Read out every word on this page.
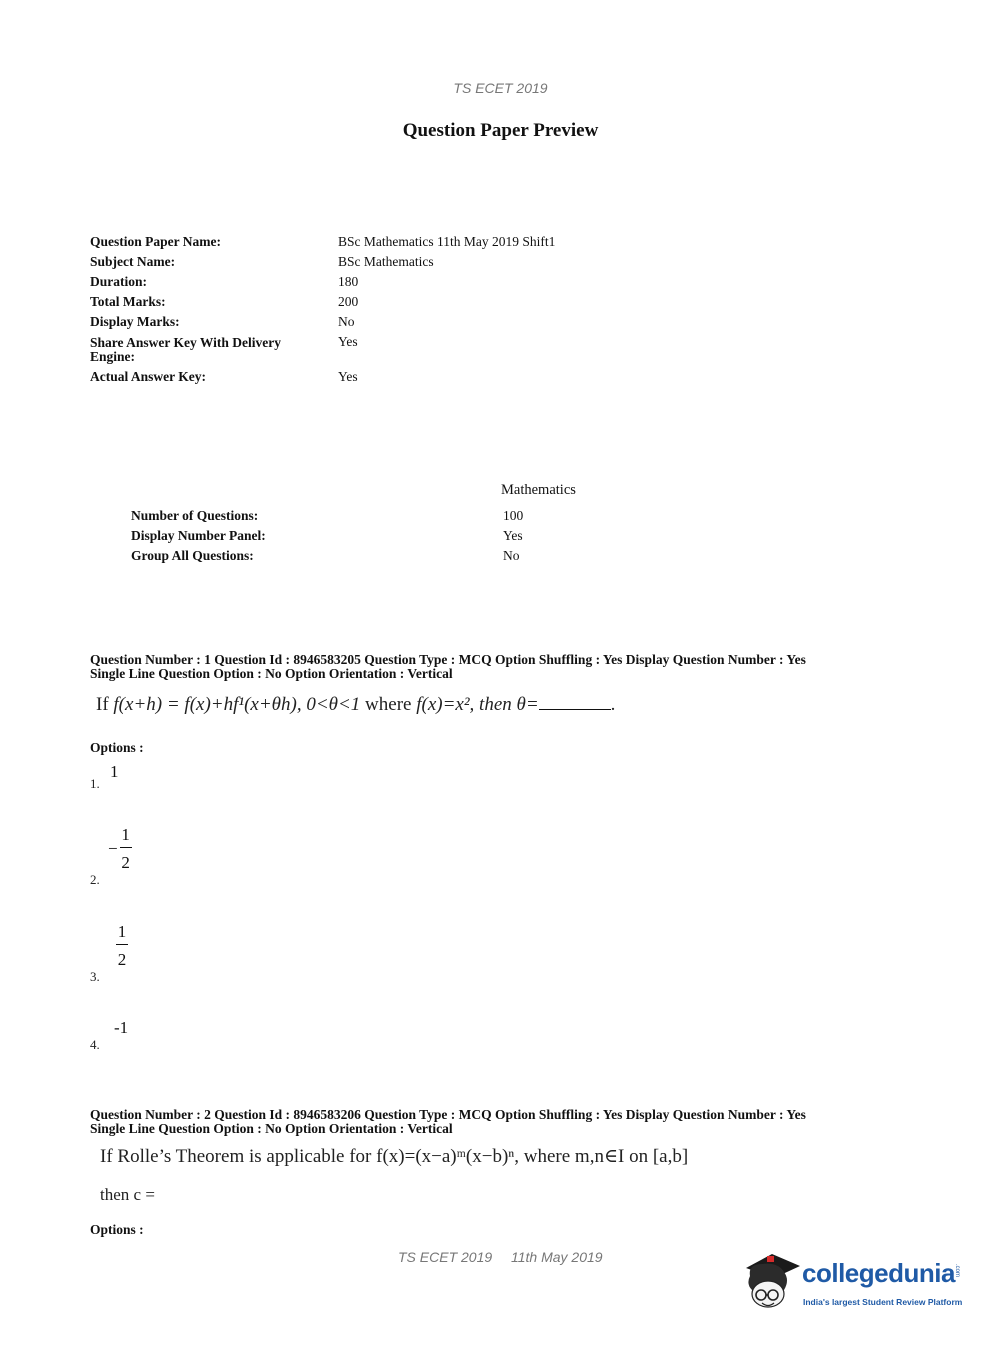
TS ECET 2019
Question Paper Preview
Question Paper Name:	BSc Mathematics 11th May 2019 Shift1
Subject Name:	BSc Mathematics
Duration:	180
Total Marks:	200
Display Marks:	No
Share Answer Key With Delivery
Engine:
Yes
Actual Answer Key:	Yes
Mathematics
Number of Questions:	100
Display Number Panel:	Yes
Group All Questions:	No
Question Number : 1 Question Id : 8946583205 Question Type : MCQ Option Shuffling : Yes Display Question Number : Yes
Single Line Question Option : No Option Orientation : Vertical
If f(x+h) = f(x)+hf¹(x+θh), 0<θ<1 where f(x)=x², then θ=	.
Options :
1.
1
2.
− $\frac{1}{2}$
3.
$\frac{1}{2}$
4.
-1
Question Number : 2 Question Id : 8946583206 Question Type : MCQ Option Shuffling : Yes Display Question Number : Yes
Single Line Question Option : No Option Orientation : Vertical
If Rolle’s Theorem is applicable for f(x)=(x−a)ᵐ(x−b)ⁿ, where m,n∈I on [a,b]
then c =
Options :
TS ECET 2019 11th May 2019
collegedunia .com
India's largest Student Review Platform
